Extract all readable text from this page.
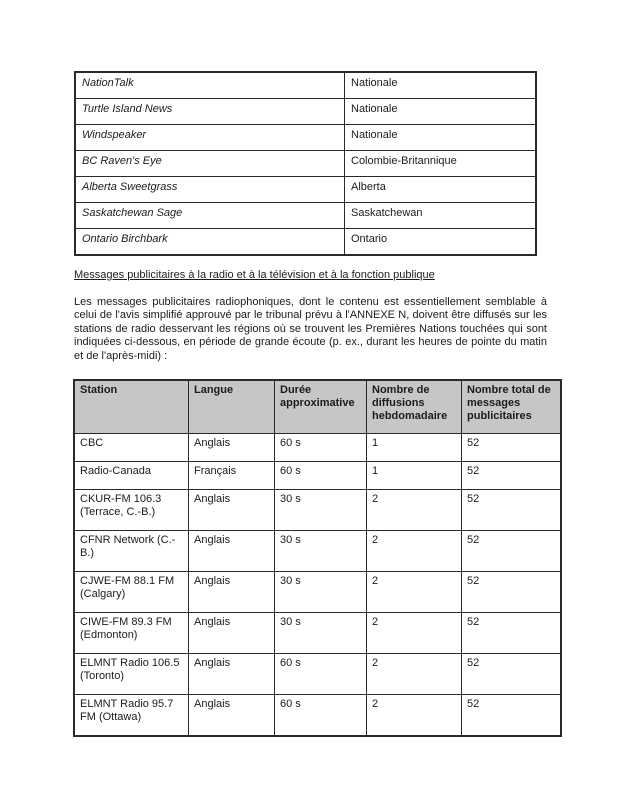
NationTalk	Nationale
Turtle Island News	Nationale
Windspeaker	Nationale
BC Raven's Eye	Colombie-Britannique
Alberta Sweetgrass	Alberta
Saskatchewan Sage	Saskatchewan
Ontario Birchbark	Ontario
Messages publicitaires à la radio et à la télévision et à la fonction publique
Les messages publicitaires radiophoniques, dont le contenu est essentiellement semblable à celui de l'avis simplifié approuvé par le tribunal prévu à l'ANNEXE N, doivent être diffusés sur les stations de radio desservant les régions où se trouvent les Premières Nations touchées qui sont indiquées ci-dessous, en période de grande écoute (p. ex., durant les heures de pointe du matin et de l'après-midi) :
Station	Langue	Durée approximative	Nombre de diffusions hebdomadaire	Nombre total de messages publicitaires
CBC	Anglais	60 s	1	52
Radio-Canada	Français	60 s	1	52
CKUR-FM 106.3 (Terrace, C.-B.)	Anglais	30 s	2	52
CFNR Network (C.-B.)	Anglais	30 s	2	52
CJWE-FM 88.1 FM (Calgary)	Anglais	30 s	2	52
CIWE-FM 89.3 FM (Edmonton)	Anglais	30 s	2	52
ELMNT Radio 106.5 (Toronto)	Anglais	60 s	2	52
ELMNT Radio 95.7 FM (Ottawa)	Anglais	60 s	2	52
